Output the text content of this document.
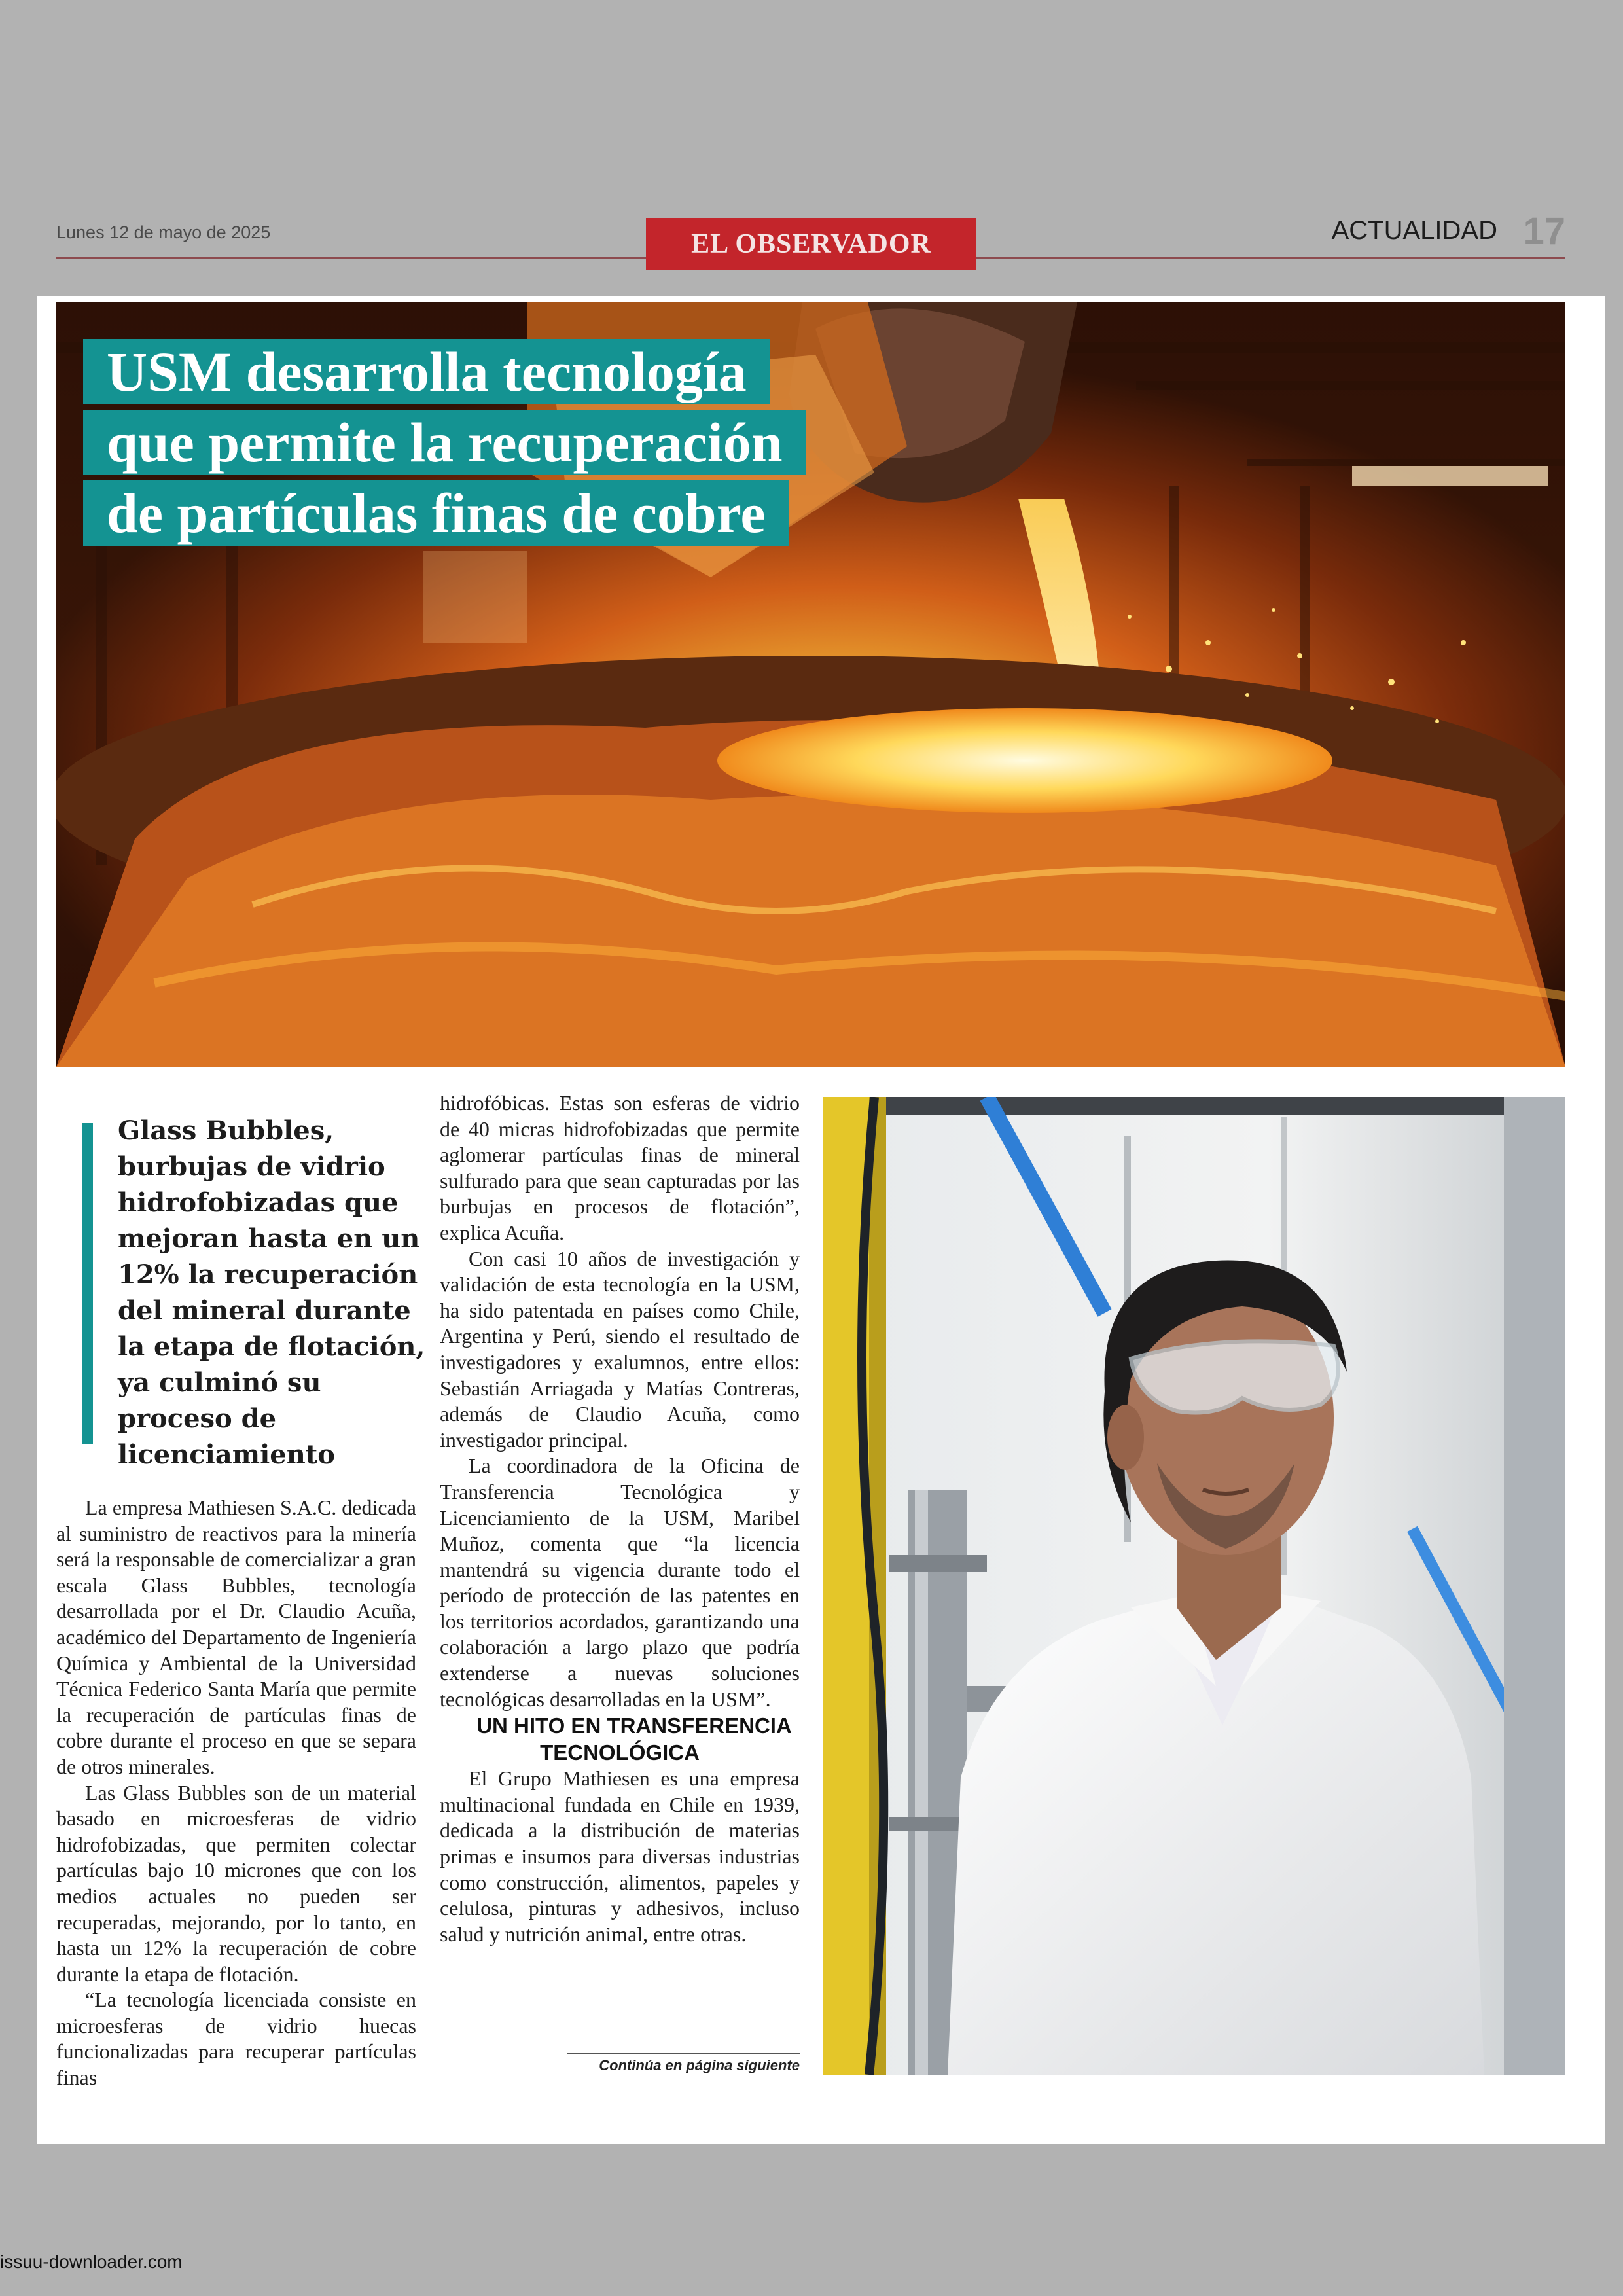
Lunes 12 de mayo de 2025	EL OBSERVADOR	ACTUALIDAD 17
USM desarrolla tecnología
que permite la recuperación
de partículas finas de cobre

Glass Bubbles, burbujas de vidrio hidrofobizadas que mejoran hasta en un 12% la recuperación del mineral durante la etapa de flotación, ya culminó su proceso de licenciamiento

La empresa Mathiesen S.A.C. dedicada al suministro de reactivos para la minería será la responsable de comercializar a gran escala Glass Bubbles, tecnología desarrollada por el Dr. Claudio Acuña, académico del Departamento de Ingeniería Química y Ambiental de la Universidad Técnica Federico Santa María que permite la recuperación de partículas finas de cobre durante el proceso en que se separa de otros minerales.

Las Glass Bubbles son de un material basado en microesferas de vidrio hidrofobizadas, que permiten colectar partículas bajo 10 micrones que con los medios actuales no pueden ser recuperadas, mejorando, por lo tanto, en hasta un 12% la recuperación de cobre durante la etapa de flotación.

“La tecnología licenciada consiste en microesferas de vidrio huecas funcionalizadas para recuperar partículas finas

hidrofóbicas. Estas son esferas de vidrio de 40 micras hidrofobizadas que permite aglomerar partículas finas de mineral sulfurado para que sean capturadas por las burbujas en procesos de flotación”, explica Acuña.

Con casi 10 años de investigación y validación de esta tecnología en la USM, ha sido patentada en países como Chile, Argentina y Perú, siendo el resultado de investigadores y exalumnos, entre ellos: Sebastián Arriagada y Matías Contreras, además de Claudio Acuña, como investigador principal.

La coordinadora de la Oficina de Transferencia Tecnológica y Licenciamiento de la USM, Maribel Muñoz, comenta que “la licencia mantendrá su vigencia durante todo el período de protección de las patentes en los territorios acordados, garantizando una colaboración a largo plazo que podría extenderse a nuevas soluciones tecnológicas desarrolladas en la USM”.

UN HITO EN TRANSFERENCIA TECNOLÓGICA

El Grupo Mathiesen es una empresa multinacional fundada en Chile en 1939, dedicada a la distribución de materias primas e insumos para diversas industrias como construcción, alimentos, papeles y celulosa, pinturas y adhesivos, incluso salud y nutrición animal, entre otras.

Continúa en página siguiente
issuu-downloader.com
